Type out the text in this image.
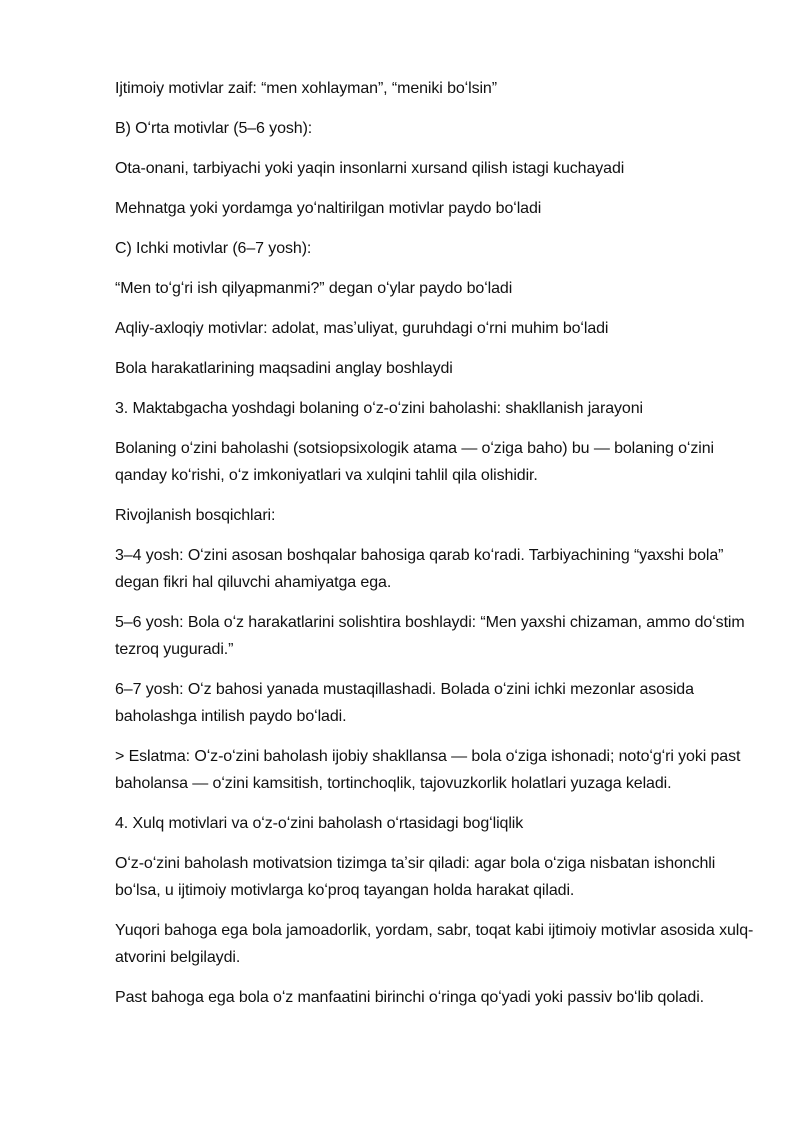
Ijtimoiy motivlar zaif: “men xohlayman”, “meniki boʻlsin”

B) Oʻrta motivlar (5–6 yosh):

Ota-onani, tarbiyachi yoki yaqin insonlarni xursand qilish istagi kuchayadi

Mehnatga yoki yordamga yoʻnaltirilgan motivlar paydo boʻladi

C) Ichki motivlar (6–7 yosh):

“Men toʻgʻri ish qilyapmanmi?” degan oʻylar paydo boʻladi

Aqliy-axloqiy motivlar: adolat, masʼuliyat, guruhdagi oʻrni muhim boʻladi

Bola harakatlarining maqsadini anglay boshlaydi

3. Maktabgacha yoshdagi bolaning oʻz-oʻzini baholashi: shakllanish jarayoni

Bolaning oʻzini baholashi (sotsiopsixologik atama — oʻziga baho) bu — bolaning oʻzini qanday koʻrishi, oʻz imkoniyatlari va xulqini tahlil qila olishidir.

Rivojlanish bosqichlari:

3–4 yosh: Oʻzini asosan boshqalar bahosiga qarab koʻradi. Tarbiyachining “yaxshi bola” degan fikri hal qiluvchi ahamiyatga ega.

5–6 yosh: Bola oʻz harakatlarini solishtira boshlaydi: “Men yaxshi chizaman, ammo doʻstim tezroq yuguradi.”

6–7 yosh: Oʻz bahosi yanada mustaqillashadi. Bolada oʻzini ichki mezonlar asosida baholashga intilish paydo boʻladi.

> Eslatma: Oʻz-oʻzini baholash ijobiy shakllansa — bola oʻziga ishonadi; notoʻgʻri yoki past baholansa — oʻzini kamsitish, tortinchoqlik, tajovuzkorlik holatlari yuzaga keladi.

4. Xulq motivlari va oʻz-oʻzini baholash oʻrtasidagi bogʻliqlik

Oʻz-oʻzini baholash motivatsion tizimga taʼsir qiladi: agar bola oʻziga nisbatan ishonchli boʻlsa, u ijtimoiy motivlarga koʻproq tayangan holda harakat qiladi.

Yuqori bahoga ega bola jamoadorlik, yordam, sabr, toqat kabi ijtimoiy motivlar asosida xulq-atvorini belgilaydi.

Past bahoga ega bola oʻz manfaatini birinchi oʻringa qoʻyadi yoki passiv boʻlib qoladi.
